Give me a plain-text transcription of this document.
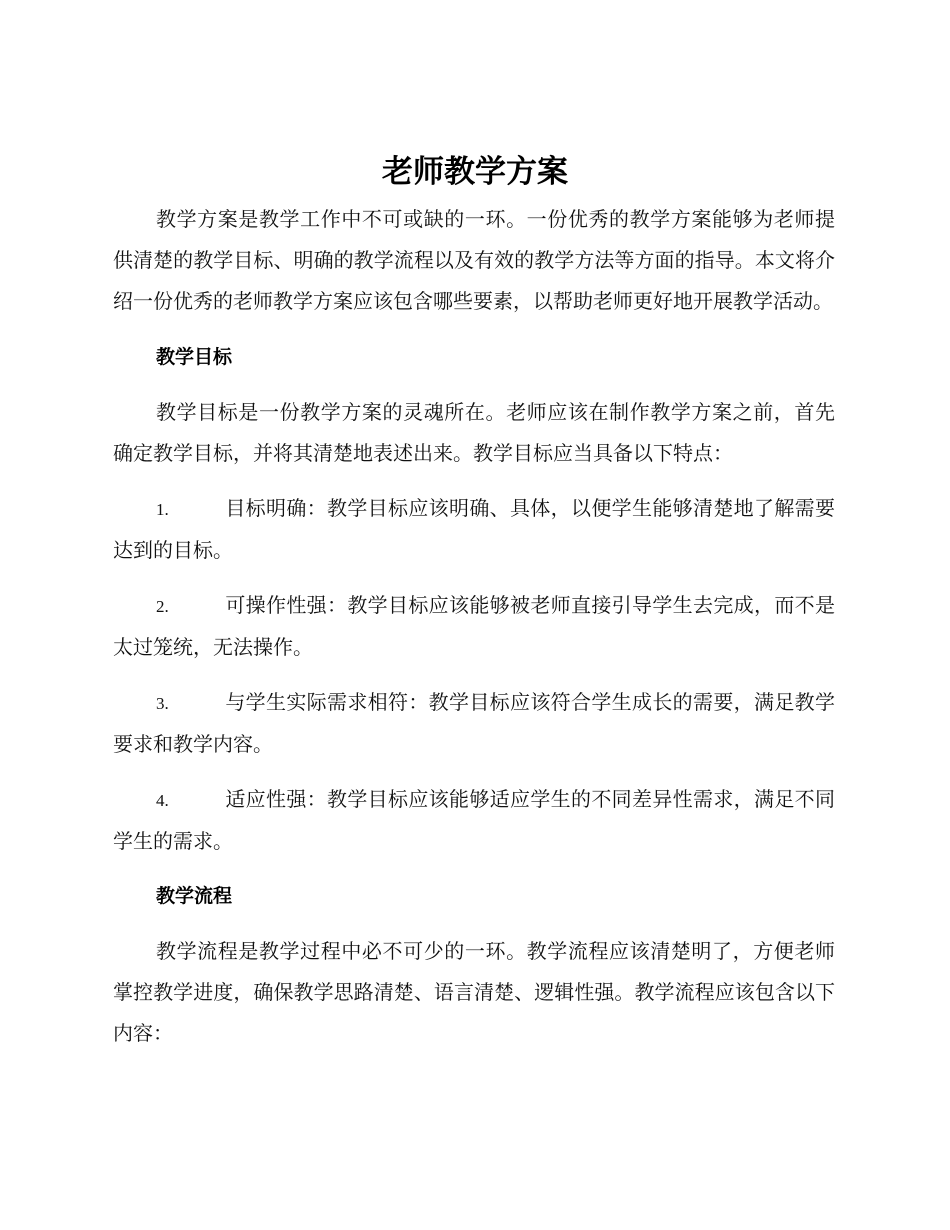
老师教学方案

教学方案是教学工作中不可或缺的一环。一份优秀的教学方案能够为老师提供清楚的教学目标、明确的教学流程以及有效的教学方法等方面的指导。本文将介绍一份优秀的老师教学方案应该包含哪些要素，以帮助老师更好地开展教学活动。

教学目标

教学目标是一份教学方案的灵魂所在。老师应该在制作教学方案之前，首先确定教学目标，并将其清楚地表述出来。教学目标应当具备以下特点：

1.	目标明确：教学目标应该明确、具体，以便学生能够清楚地了解需要达到的目标。
2.	可操作性强：教学目标应该能够被老师直接引导学生去完成，而不是太过笼统，无法操作。
3.	与学生实际需求相符：教学目标应该符合学生成长的需要，满足教学要求和教学内容。
4.	适应性强：教学目标应该能够适应学生的不同差异性需求，满足不同学生的需求。
教学流程

教学流程是教学过程中必不可少的一环。教学流程应该清楚明了，方便老师掌控教学进度，确保教学思路清楚、语言清楚、逻辑性强。教学流程应该包含以下内容：
